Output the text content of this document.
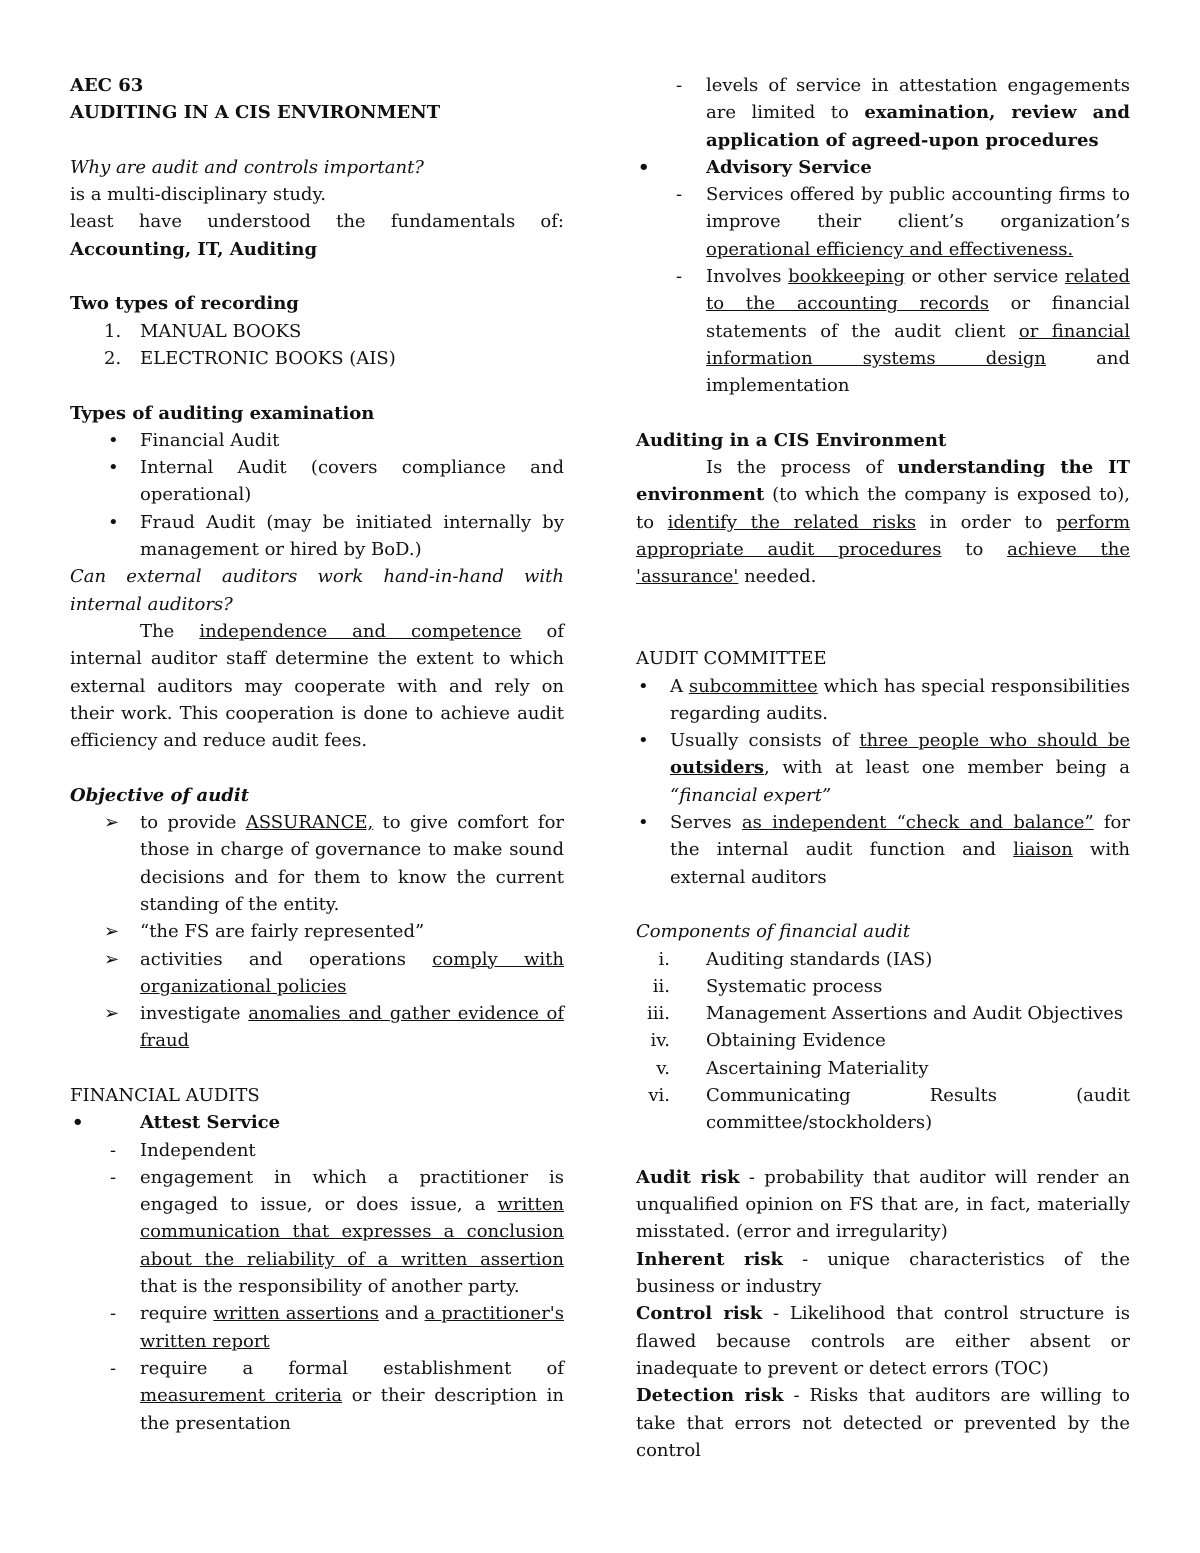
AEC 63
AUDITING IN A CIS ENVIRONMENT
Why are audit and controls important?
is a multi-disciplinary study.
least have understood the fundamentals of:
Accounting, IT, Auditing
Two types of recording
1.	MANUAL BOOKS
2.	ELECTRONIC BOOKS (AIS)
Types of auditing examination
•	Financial Audit
•	Internal Audit (covers compliance and operational)
•	Fraud Audit (may be initiated internally by management or hired by BoD.)
Can external auditors work hand-in-hand with internal auditors?
The independence and competence of internal auditor staff determine the extent to which external auditors may cooperate with and rely on their work. This cooperation is done to achieve audit efficiency and reduce audit fees.
Objective of audit
➢	to provide ASSURANCE, to give comfort for those in charge of governance to make sound decisions and for them to know the current standing of the entity.
➢	“the FS are fairly represented”
➢	activities and operations comply with organizational policies
➢	investigate anomalies and gather evidence of fraud
FINANCIAL AUDITS
•	Attest Service
-	Independent
-	engagement in which a practitioner is engaged to issue, or does issue, a written communication that expresses a conclusion about the reliability of a written assertion that is the responsibility of another party.
-	require written assertions and a practitioner's written report
-	require a formal establishment of measurement criteria or their description in the presentation
-	levels of service in attestation engagements are limited to examination, review and application of agreed-upon procedures
•	Advisory Service
-	Services offered by public accounting firms to improve their client’s organization’s operational efficiency and effectiveness.
-	Involves bookkeeping or other service related to the accounting records or financial statements of the audit client or financial information systems design and implementation
Auditing in a CIS Environment
Is the process of understanding the IT environment (to which the company is exposed to), to identify the related risks in order to perform appropriate audit procedures to achieve the 'assurance' needed.
AUDIT COMMITTEE
•	A subcommittee which has special responsibilities regarding audits.
•	Usually consists of three people who should be outsiders, with at least one member being a “financial expert”
•	Serves as independent “check and balance” for the internal audit function and liaison with external auditors
Components of financial audit
i. Auditing standards (IAS)
ii. Systematic process
iii. Management Assertions and Audit Objectives
iv. Obtaining Evidence
v. Ascertaining Materiality
vi. Communicating Results (audit committee/stockholders)
Audit risk - probability that auditor will render an unqualified opinion on FS that are, in fact, materially misstated. (error and irregularity)
Inherent risk - unique characteristics of the business or industry
Control risk - Likelihood that control structure is flawed because controls are either absent or inadequate to prevent or detect errors (TOC)
Detection risk - Risks that auditors are willing to take that errors not detected or prevented by the control
